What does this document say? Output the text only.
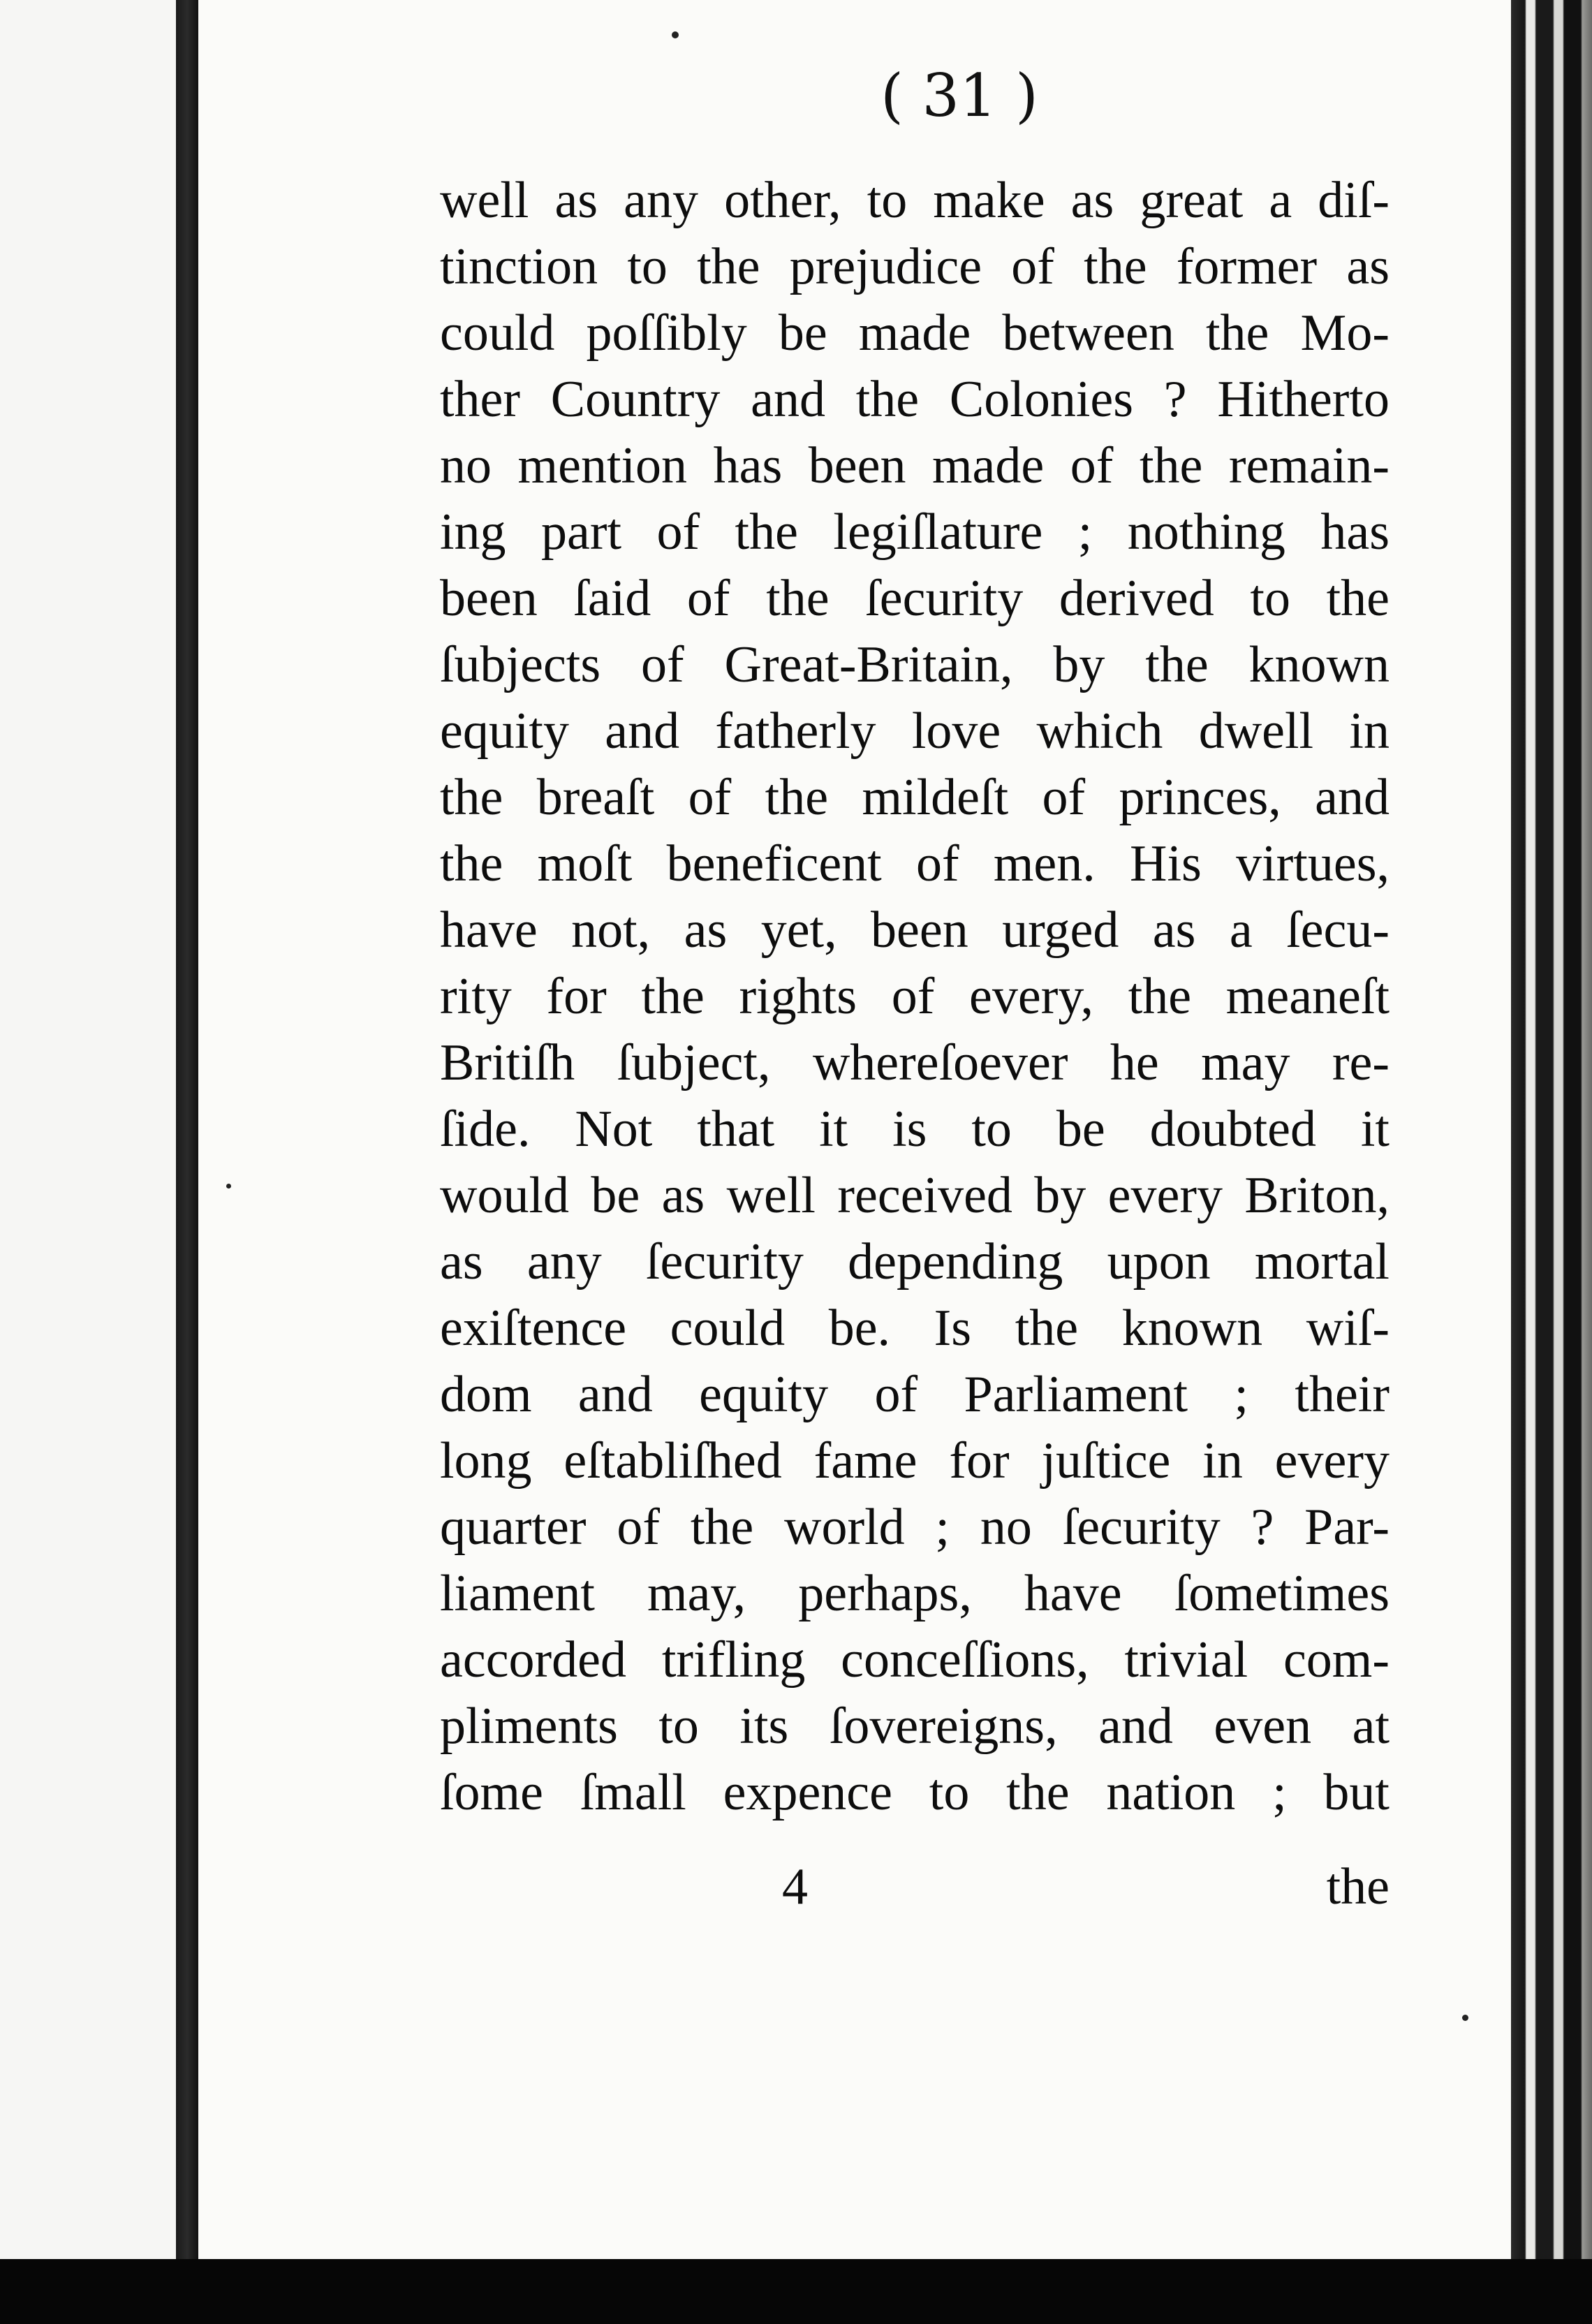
( 31 )
well as any other, to make as great a diſ-
tinction to the prejudice of the former as
could poſſibly be made between the Mo-
ther Country and the Colonies ? Hitherto
no mention has been made of the remain-
ing part of the legiſlature ; nothing has
been ſaid of the ſecurity derived to the
ſubjects of Great-Britain, by the known
equity and fatherly love which dwell in
the breaſt of the mildeſt of princes, and
the moſt beneficent of men. His virtues,
have not, as yet, been urged as a ſecu-
rity for the rights of every, the meaneſt
Britiſh ſubject, whereſoever he may re-
ſide. Not that it is to be doubted it
would be as well received by every Briton,
as any ſecurity depending upon mortal
exiſtence could be. Is the known wiſ-
dom and equity of Parliament ; their
long eſtabliſhed fame for juſtice in every
quarter of the world ; no ſecurity ? Par-
liament may, perhaps, have ſometimes
accorded trifling conceſſions, trivial com-
pliments to its ſovereigns, and even at
ſome ſmall expence to the nation ; but
4	the
